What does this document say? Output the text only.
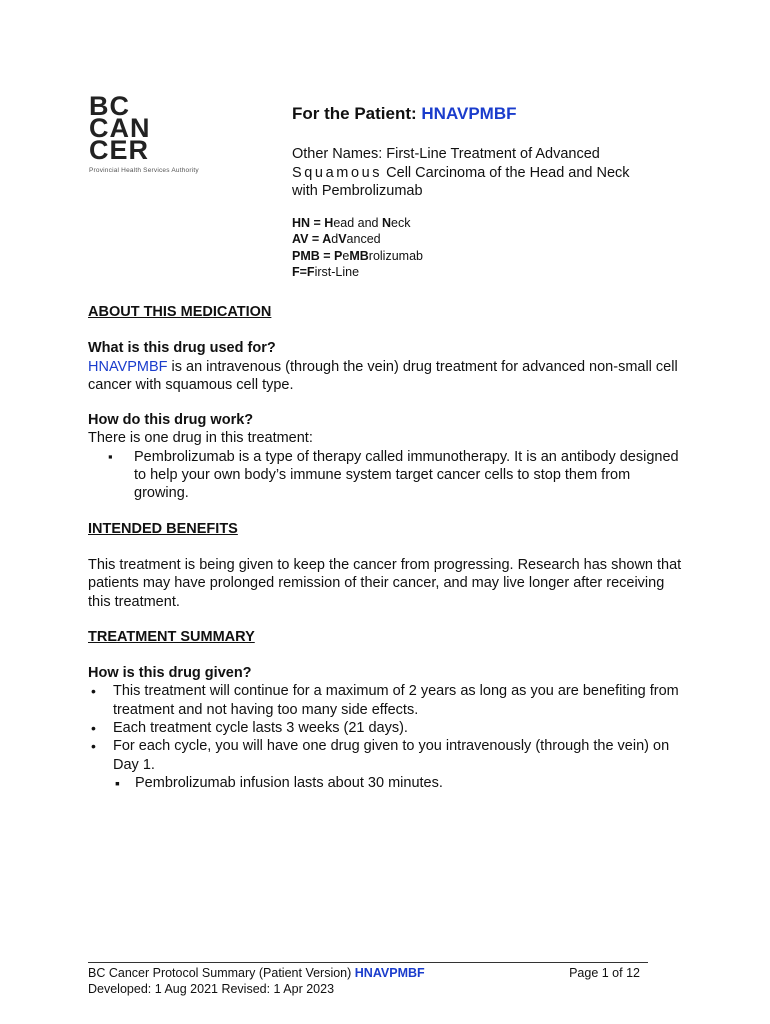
BC
CAN
CER
Provincial Health Services Authority
For the Patient: HNAVPMBF
Other Names: First-Line Treatment of Advanced
Squamous Cell Carcinoma of the Head and Neck
with Pembrolizumab
HN = Head and Neck
AV = AdVanced
PMB = PeMBrolizumab
F=First-Line
ABOUT THIS MEDICATION

What is this drug used for?

HNAVPMBF is an intravenous (through the vein) drug treatment for advanced non-small cell cancer with squamous cell type.

How do this drug work?

There is one drug in this treatment:

▪ Pembrolizumab is a type of therapy called immunotherapy. It is an antibody designed to help your own body’s immune system target cancer cells to stop them from growing.
INTENDED BENEFITS

This treatment is being given to keep the cancer from progressing. Research has shown that patients may have prolonged remission of their cancer, and may live longer after receiving this treatment.

TREATMENT SUMMARY

How is this drug given?

• This treatment will continue for a maximum of 2 years as long as you are benefiting from treatment and not having too many side effects.
• Each treatment cycle lasts 3 weeks (21 days).
• For each cycle, you will have one drug given to you intravenously (through the vein) on Day 1.
▪ Pembrolizumab infusion lasts about 30 minutes.
BC Cancer Protocol Summary (Patient Version) HNAVPMBF	Page 1 of 12
Developed: 1 Aug 2021 Revised: 1 Apr 2023
